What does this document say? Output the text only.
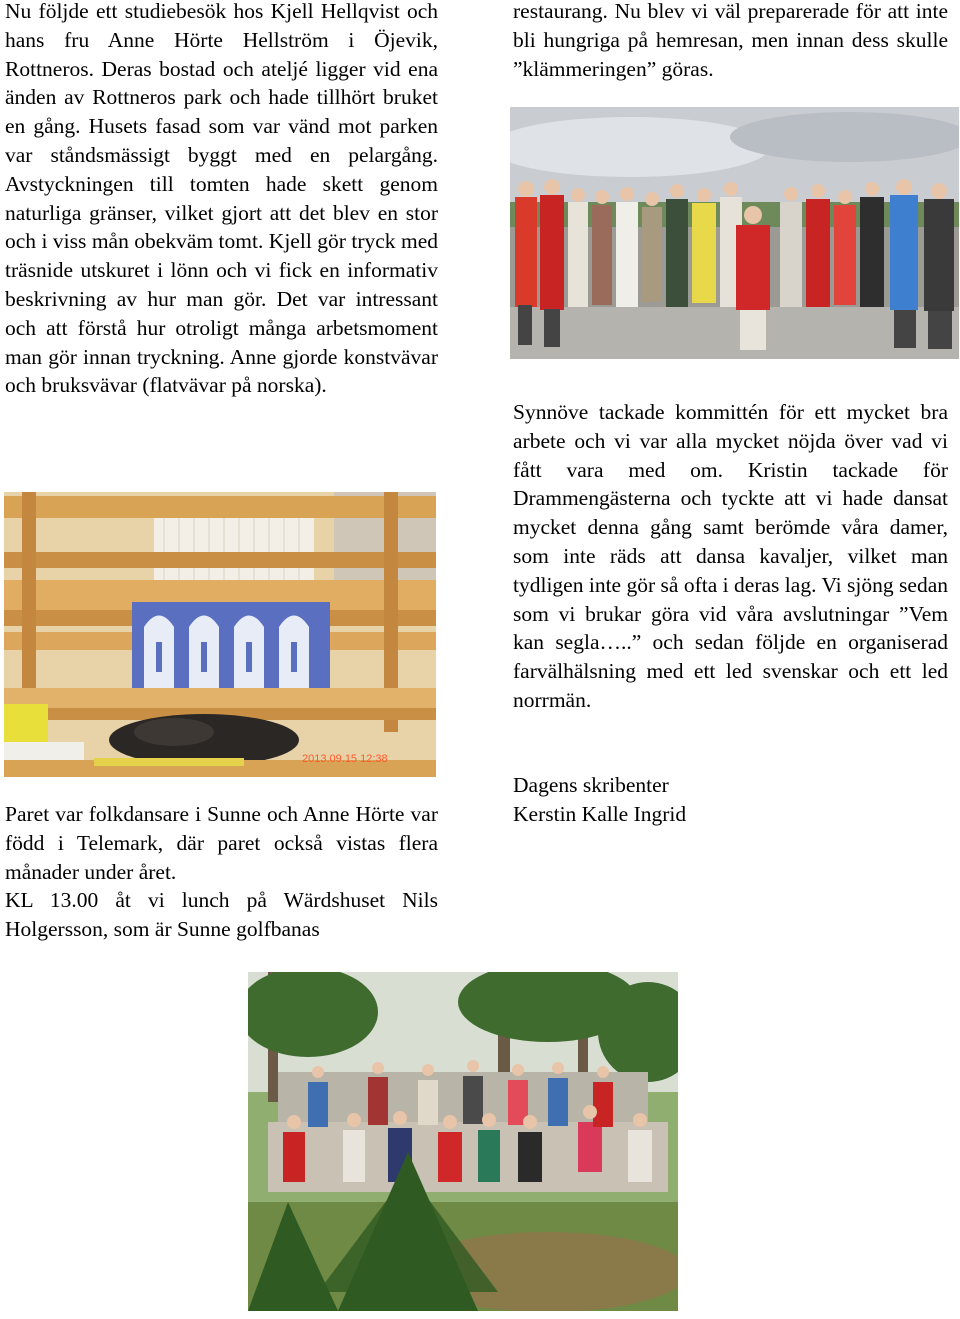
Nu följde ett studiebesök hos Kjell Hellqvist och hans fru Anne Hörte Hellström i Öjevik, Rottneros. Deras bostad och ateljé ligger vid ena änden av Rottneros park och hade tillhört bruket en gång. Husets fasad som var vänd mot parken var ståndsmässigt byggt med en pelargång. Avstyckningen till tomten hade skett genom naturliga gränser, vilket gjort att det blev en stor och i viss mån obekväm tomt. Kjell gör tryck med träsnide utskuret i lönn och vi fick en informativ beskrivning av hur man gör. Det var intressant och att förstå hur otroligt många arbetsmoment man gör innan tryckning. Anne gjorde konstvävar och bruksvävar (flatvävar på norska).

2013.09.15 12:38

Paret var folkdansare i Sunne och Anne Hörte var född i Telemark, där paret också vistas flera månader under året.

KL 13.00 åt vi lunch på Wärdshuset Nils Holgersson, som är Sunne golfbanas

restaurang. Nu blev vi väl preparerade för att inte bli hungriga på hemresan, men innan dess skulle ”klämmeringen” göras.

Synnöve tackade kommittén för ett mycket bra arbete och vi var alla mycket nöjda över vad vi fått vara med om. Kristin tackade för Drammengästerna och tyckte att vi hade dansat mycket denna gång samt berömde våra damer, som inte räds att dansa kavaljer, vilket man tydligen inte gör så ofta i deras lag. Vi sjöng sedan som vi brukar göra vid våra avslutningar ”Vem kan segla…..” och sedan följde en organiserad farvälhälsning med ett led svenskar och ett led norrmän.

Dagens skribenter

Kerstin Kalle Ingrid
